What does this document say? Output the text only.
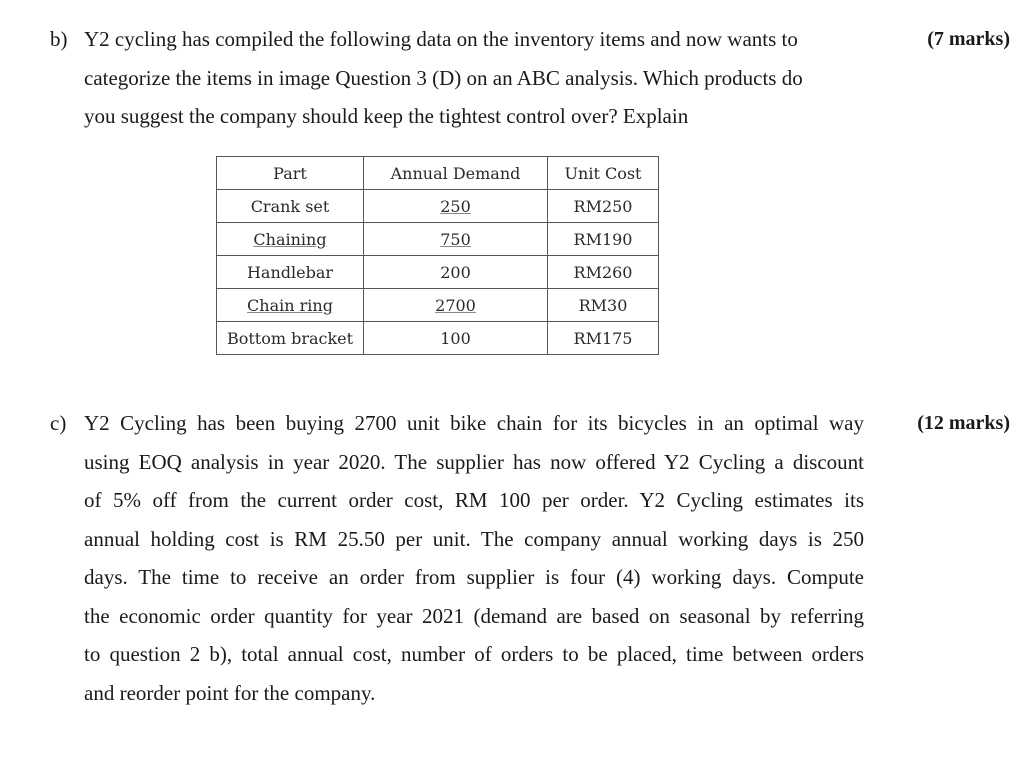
b) Y2 cycling has compiled the following data on the inventory items and now wants to
categorize the items in image Question 3 (D) on an ABC analysis. Which products do
you suggest the company should keep the tightest control over? Explain

(7 marks)
Part	Annual Demand	Unit Cost
Crank set	250	RM250
Chaining	750	RM190
Handlebar	200	RM260
Chain ring	2700	RM30
Bottom bracket	100	RM175
c) Y2 Cycling has been buying 2700 unit bike chain for its bicycles in an optimal way
using EOQ analysis in year 2020. The supplier has now offered Y2 Cycling a discount
of 5% off from the current order cost, RM 100 per order. Y2 Cycling estimates its
annual holding cost is RM 25.50 per unit. The company annual working days is 250
days. The time to receive an order from supplier is four (4) working days. Compute
the economic order quantity for year 2021 (demand are based on seasonal by referring
to question 2 b), total annual cost, number of orders to be placed, time between orders
and reorder point for the company.

(12 marks)
